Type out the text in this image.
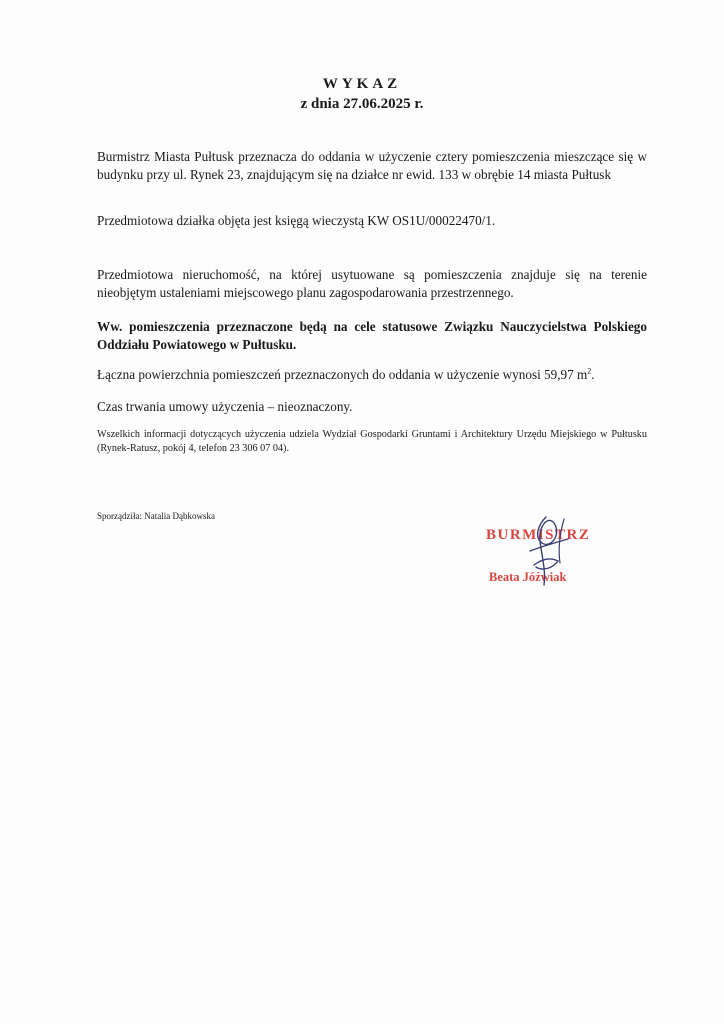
WYKAZ
z dnia 27.06.2025 r.

Burmistrz Miasta Pułtusk przeznacza do oddania w użyczenie cztery pomieszczenia mieszczące się w budynku przy ul. Rynek 23, znajdującym się na działce nr ewid. 133 w obrębie 14 miasta Pułtusk

Przedmiotowa działka objęta jest księgą wieczystą KW OS1U/00022470/1.

Przedmiotowa nieruchomość, na której usytuowane są pomieszczenia znajduje się na terenie nieobjętym ustaleniami miejscowego planu zagospodarowania przestrzennego.

Ww. pomieszczenia przeznaczone będą na cele statusowe Związku Nauczycielstwa Polskiego Oddziału Powiatowego w Pułtusku.

Łączna powierzchnia pomieszczeń przeznaczonych do oddania w użyczenie wynosi 59,97 $m^2$.

Czas trwania umowy użyczenia – nieoznaczony.

Wszelkich informacji dotyczących użyczenia udziela Wydział Gospodarki Gruntami i Architektury Urzędu Miejskiego w Pułtusku (Rynek-Ratusz, pokój 4, telefon 23 306 07 04).

Sporządziła: Natalia Dąbkowska
BURMISTRZ
Beata Jóźwiak
